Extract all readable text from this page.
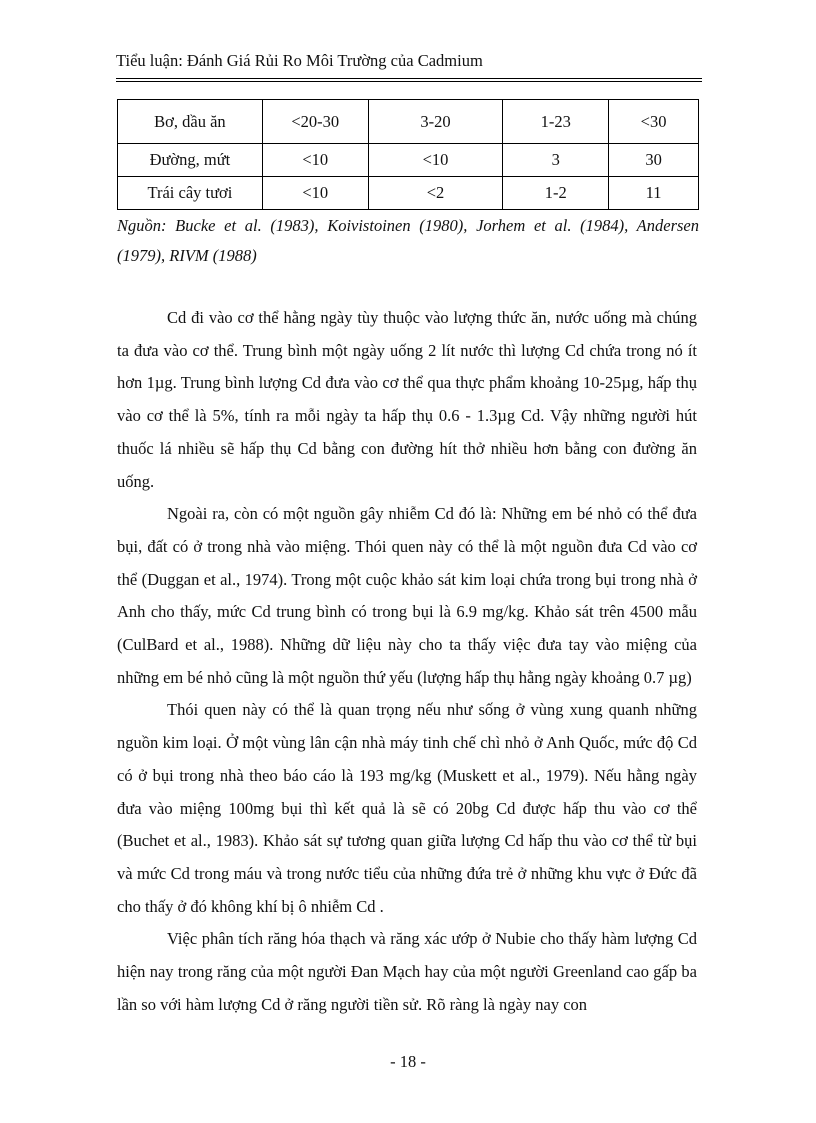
Tiểu luận: Đánh Giá Rủi Ro Môi Trường của Cadmium
Bơ, dầu ăn	<20-30	3-20	1-23	<30
Đường, mứt	<10	<10	3	30
Trái cây tươi	<10	<2	1-2	11
Nguồn: Bucke et al. (1983), Koivistoinen (1980), Jorhem et al. (1984), Andersen (1979), RIVM (1988)

Cd đi vào cơ thể hằng ngày tùy thuộc vào lượng thức ăn, nước uống mà chúng ta đưa vào cơ thể. Trung bình một ngày uống 2 lít nước thì lượng Cd chứa trong nó ít hơn 1µg. Trung bình lượng Cd đưa vào cơ thể qua thực phẩm khoảng 10-25µg, hấp thụ vào cơ thể là 5%, tính ra mỗi ngày ta hấp thụ 0.6 - 1.3µg Cd. Vậy những người hút thuốc lá nhiều sẽ hấp thụ Cd bằng con đường hít thở nhiều hơn bằng con đường ăn uống.

Ngoài ra, còn có một nguồn gây nhiễm Cd đó là: Những em bé nhỏ có thể đưa bụi, đất có ở trong nhà vào miệng. Thói quen này có thể là một nguồn đưa Cd vào cơ thể (Duggan et al., 1974). Trong một cuộc khảo sát kim loại chứa trong bụi trong nhà ở Anh cho thấy, mức Cd trung bình có trong bụi là 6.9 mg/kg. Khảo sát trên 4500 mẫu (CulBard et al., 1988). Những dữ liệu này cho ta thấy việc đưa tay vào miệng của những em bé nhỏ cũng là một nguồn thứ yếu (lượng hấp thụ hằng ngày khoảng 0.7 µg)

Thói quen này có thể là quan trọng nếu như sống ở vùng xung quanh những nguồn kim loại. Ở một vùng lân cận nhà máy tinh chế chì nhỏ ở Anh Quốc, mức độ Cd có ở bụi trong nhà theo báo cáo là 193 mg/kg (Muskett et al., 1979). Nếu hằng ngày đưa vào miệng 100mg bụi thì kết quả là sẽ có 20bg Cd được hấp thu vào cơ thể (Buchet et al., 1983). Khảo sát sự tương quan giữa lượng Cd hấp thu vào cơ thể từ bụi và mức Cd trong máu và trong nước tiểu của những đứa trẻ ở những khu vực ở Đức đã cho thấy ở đó không khí bị ô nhiễm Cd .

Việc phân tích răng hóa thạch và răng xác ướp ở Nubie cho thấy hàm lượng Cd hiện nay trong răng của một người Đan Mạch hay của một người Greenland cao gấp ba lần so với hàm lượng Cd ở răng người tiền sử. Rõ ràng là ngày nay con

- 18 -
